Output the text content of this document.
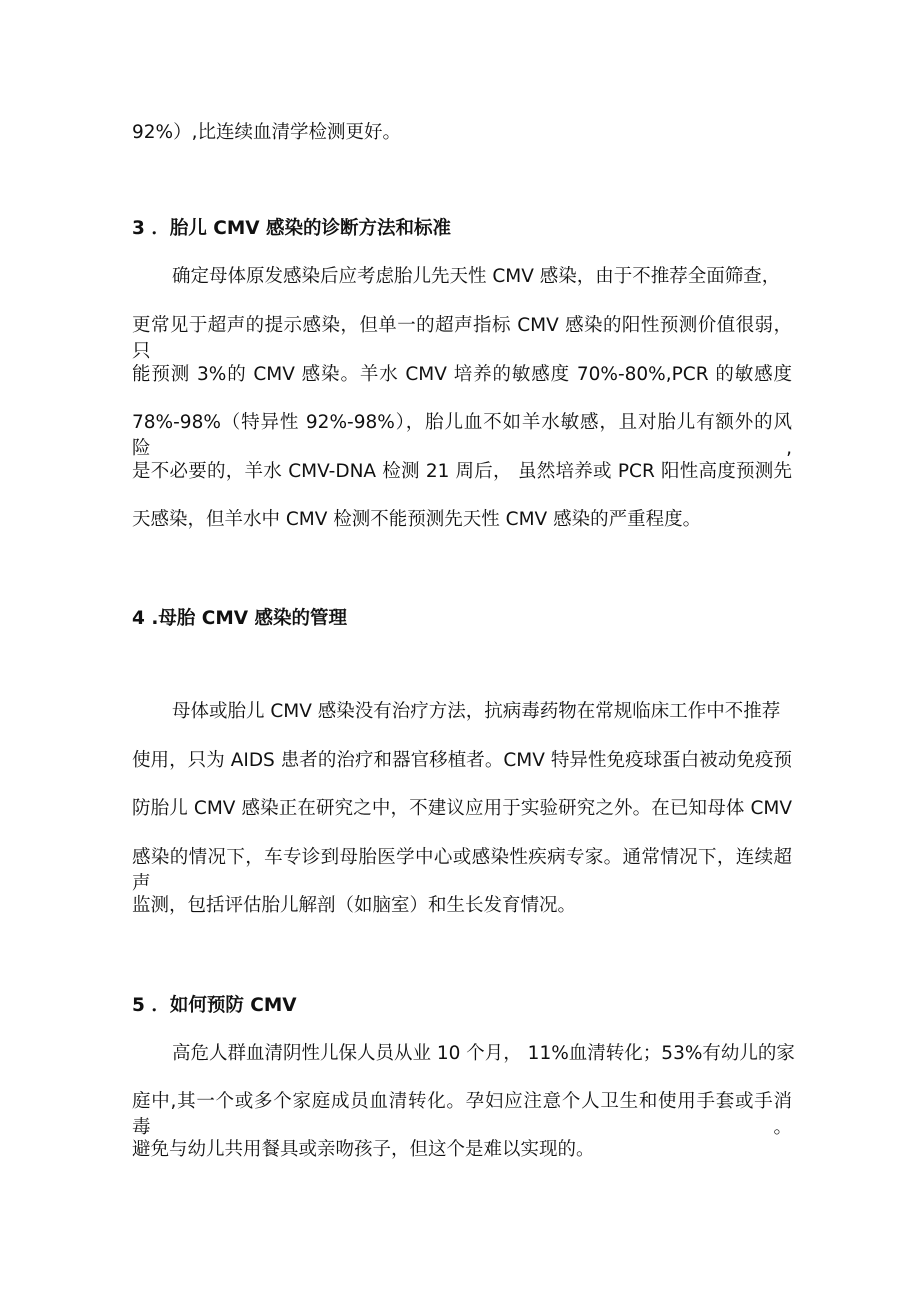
92%）,比连续血清学检测更好。

3 ．胎儿 CMV 感染的诊断方法和标准

确定母体原发感染后应考虑胎儿先天性 CMV 感染，由于不推荐全面筛查，

更常见于超声的提示感染，但单一的超声指标 CMV 感染的阳性预测价值很弱，只

能预测 3%的 CMV 感染。羊水 CMV 培养的敏感度 70%-80%,PCR 的敏感度

78%-98%（特异性 92%-98%），胎儿血不如羊水敏感，且对胎儿有额外的风险,

是不必要的，羊水 CMV-DNA 检测 21 周后， 虽然培养或 PCR 阳性高度预测先

天感染，但羊水中 CMV 检测不能预测先天性 CMV 感染的严重程度。

4 .母胎 CMV 感染的管理

母体或胎儿 CMV 感染没有治疗方法，抗病毒药物在常规临床工作中不推荐

使用，只为 AIDS 患者的治疗和器官移植者。CMV 特异性免疫球蛋白被动免疫预

防胎儿 CMV 感染正在研究之中，不建议应用于实验研究之外。在已知母体 CMV

感染的情况下，车专诊到母胎医学中心或感染性疾病专家。通常情况下，连续超声

监测，包括评估胎儿解剖（如脑室）和生长发育情况。

5 ．如何预防 CMV

高危人群血清阴性儿保人员从业 10 个月， 11%血清转化；53%有幼儿的家

庭中,其一个或多个家庭成员血清转化。孕妇应注意个人卫生和使用手套或手消毒。

避免与幼儿共用餐具或亲吻孩子，但这个是难以实现的。
